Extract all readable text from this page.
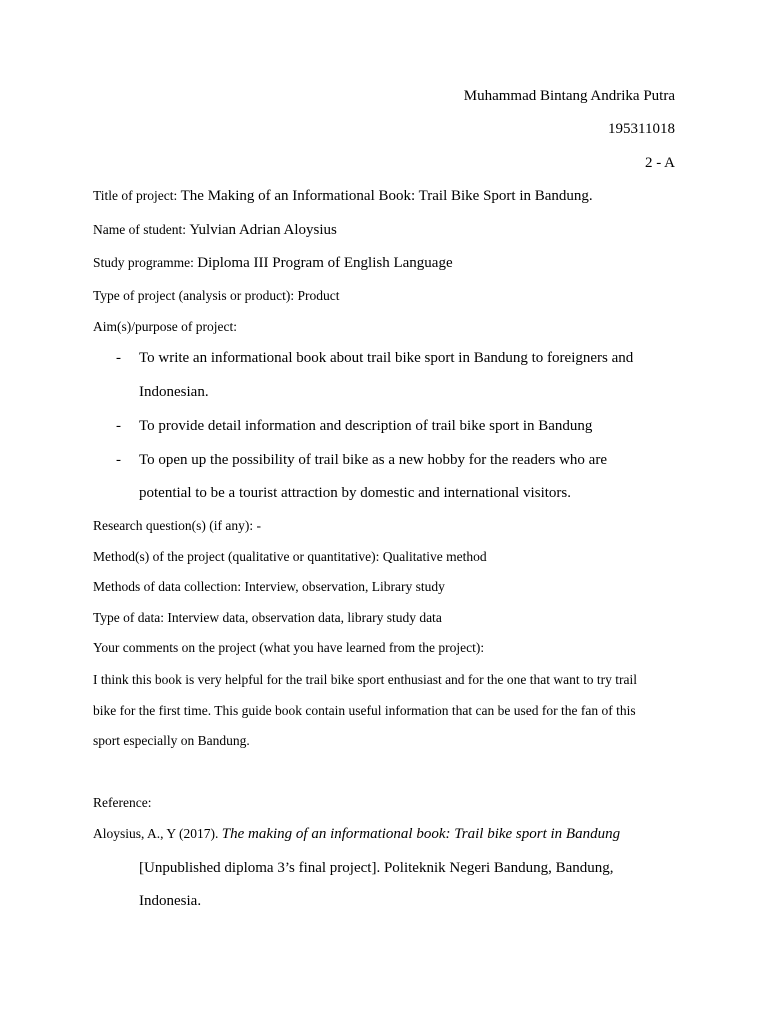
Muhammad Bintang Andrika Putra
195311018
2 - A
Title of project: The Making of an Informational Book: Trail Bike Sport in Bandung.
Name of student: Yulvian Adrian Aloysius
Study programme: Diploma III Program of English Language
Type of project (analysis or product): Product
Aim(s)/purpose of project:
- To write an informational book about trail bike sport in Bandung to foreigners and
Indonesian.
- To provide detail information and description of trail bike sport in Bandung
- To open up the possibility of trail bike as a new hobby for the readers who are
potential to be a tourist attraction by domestic and international visitors.
Research question(s) (if any): -
Method(s) of the project (qualitative or quantitative): Qualitative method
Methods of data collection: Interview, observation, Library study
Type of data: Interview data, observation data, library study data
Your comments on the project (what you have learned from the project):
I think this book is very helpful for the trail bike sport enthusiast and for the one that want to try trail
bike for the first time. This guide book contain useful information that can be used for the fan of this
sport especially on Bandung.
Reference:
Aloysius, A., Y (2017). The making of an informational book: Trail bike sport in Bandung
[Unpublished diploma 3’s final project]. Politeknik Negeri Bandung, Bandung,
Indonesia.
